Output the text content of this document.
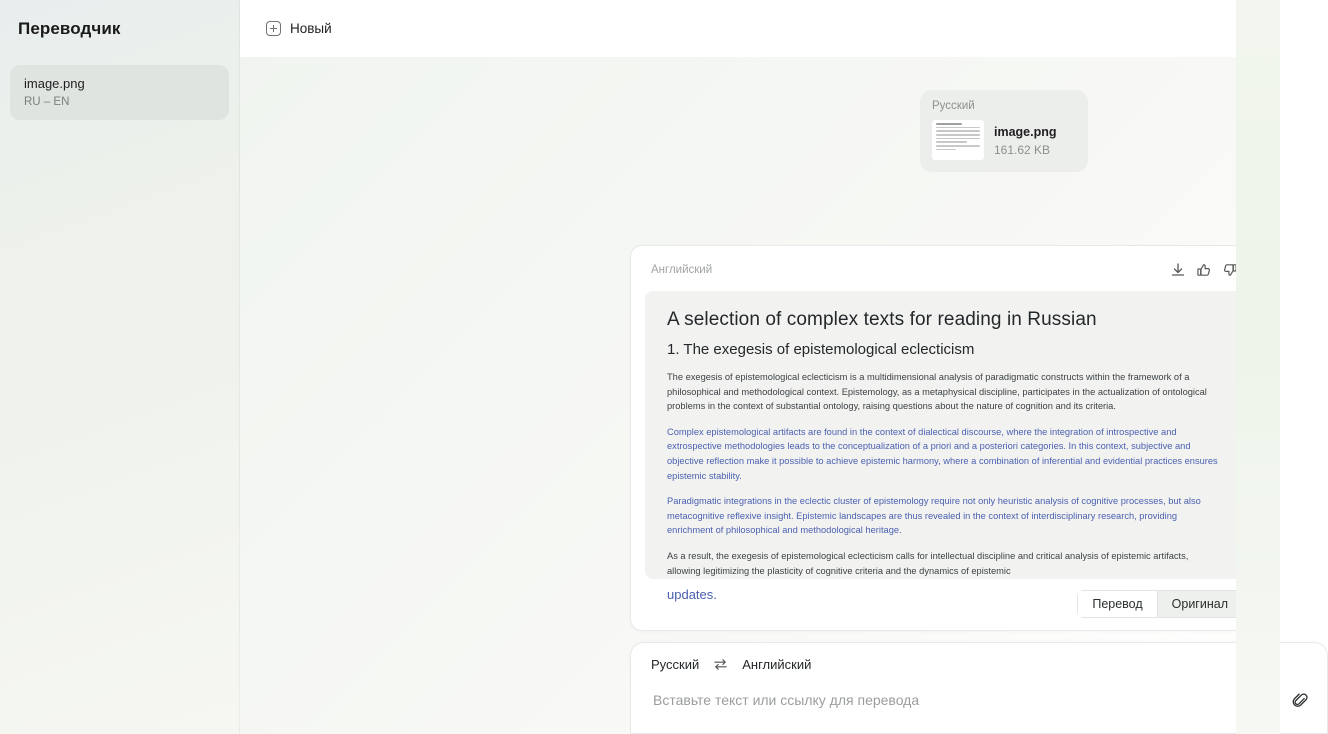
Переводчик
image.png
RU – EN
Новый
Русский
image.png
161.62 KB
Английский
A selection of complex texts for reading in Russian
1. The exegesis of epistemological eclecticism

The exegesis of epistemological eclecticism is a multidimensional analysis of paradigmatic constructs within the framework of a philosophical and methodological context. Epistemology, as a metaphysical discipline, participates in the actualization of ontological problems in the context of substantial ontology, raising questions about the nature of cognition and its criteria.

Complex epistemological artifacts are found in the context of dialectical discourse, where the integration of introspective and extrospective methodologies leads to the conceptualization of a priori and a posteriori categories. In this context, subjective and objective reflection make it possible to achieve epistemic harmony, where a combination of inferential and evidential practices ensures epistemic stability.

Paradigmatic integrations in the eclectic cluster of epistemology require not only heuristic analysis of cognitive processes, but also metacognitive reflexive insight. Epistemic landscapes are thus revealed in the context of interdisciplinary research, providing enrichment of philosophical and methodological heritage.

As a result, the exegesis of epistemological eclecticism calls for intellectual discipline and critical analysis of epistemic artifacts, allowing legitimizing the plasticity of cognitive criteria and the dynamics of epistemic

updates.
Перевод	Оригинал
Русский	Английский
Вставьте текст или ссылку для перевода
